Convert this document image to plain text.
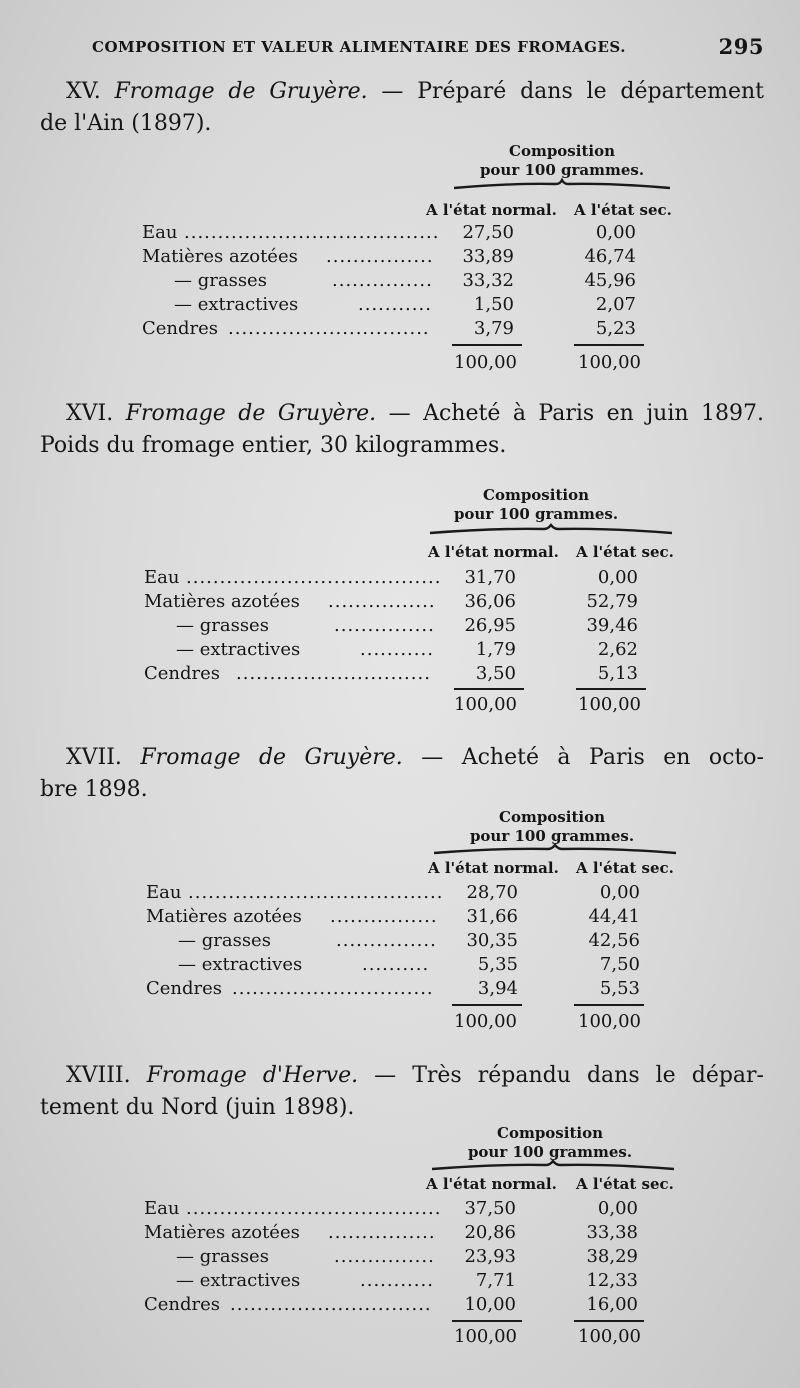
COMPOSITION ET VALEUR ALIMENTAIRE DES FROMAGES.	295
XV. Fromage de Gruyère. — Préparé dans le département
de l'Ain (1897).
Composition
pour 100 grammes.
A l'état normal. A l'état sec.
Eau ...................................... 27,50	0,00
Matières azotées ................ 33,89	46,74
— grasses	............... 33,32	45,96
— extractives	........... 1,50	2,07
Cendres .............................. 3,79	5,23
100,00	100,00
XVI. Fromage de Gruyère. — Acheté à Paris en juin 1897.
Poids du fromage entier, 30 kilogrammes.
Composition
pour 100 grammes.
A l'état normal. A l'état sec.
Eau ...................................... 31,70	0,00
Matières azotées ................ 36,06	52,79
— grasses	............... 26,95	39,46
— extractives	........... 1,79	2,62
Cendres ............................. 3,50	5,13
100,00	100,00
XVII. Fromage de Gruyère. — Acheté à Paris en octo-
bre 1898.
Composition
pour 100 grammes.
A l'état normal. A l'état sec.
Eau ...................................... 28,70	0,00
Matières azotées ................ 31,66	44,41
— grasses	............... 30,35	42,56
— extractives	..........	5,35	7,50
Cendres .............................. 3,94	5,53
100,00	100,00
XVIII. Fromage d'Herve. — Très répandu dans le dépar-
tement du Nord (juin 1898).
Composition
pour 100 grammes.
A l'état normal. A l'état sec.
Eau ...................................... 37,50	0,00
Matières azotées ................ 20,86	33,38
— grasses	............... 23,93	38,29
— extractives	........... 7,71	12,33
Cendres .............................. 10,00	16,00
100,00	100,00
